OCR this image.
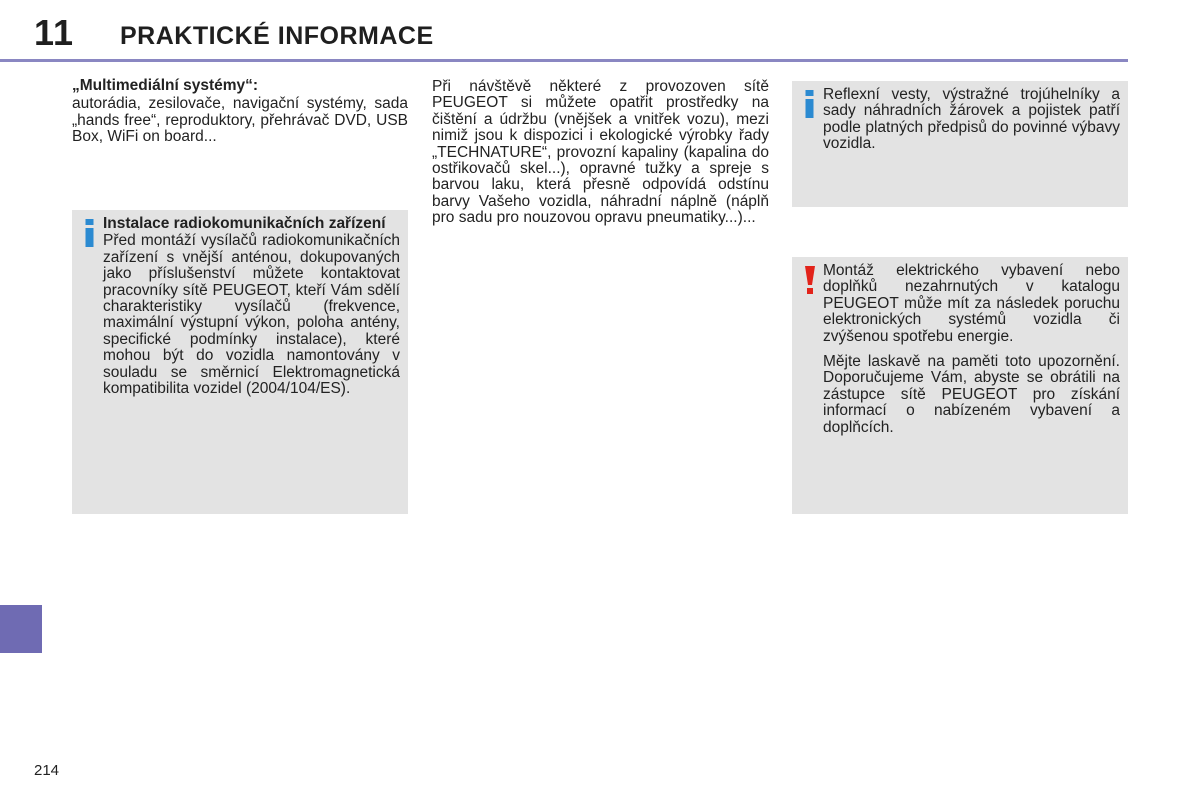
11 PRAKTICKÉ INFORMACE

„Multimediální systémy“:

autorádia, zesilovače, navigační systémy, sada „hands free“, reproduktory, přehrávač DVD, USB Box, WiFi on board...

Při návštěvě některé z provozoven sítě PEUGEOT si můžete opatřit prostředky na čištění a údržbu (vnějšek a vnitřek vozu), mezi nimiž jsou k dispozici i ekologické výrobky řady „TECHNATURE“, provozní kapaliny (kapalina do ostřikovačů skel...), opravné tužky a spreje s barvou laku, která přesně odpovídá odstínu barvy Vašeho vozidla, náhradní náplně (náplň pro sadu pro nouzovou opravu pneumatiky...)...

Instalace radiokomunikačních zařízení

Před montáží vysílačů radiokomunikačních zařízení s vnější anténou, dokupovaných jako příslušenství můžete kontaktovat pracovníky sítě PEUGEOT, kteří Vám sdělí charakteristiky vysílačů (frekvence, maximální výstupní výkon, poloha antény, specifické podmínky instalace), které mohou být do vozidla namontovány v souladu se směrnicí Elektromagnetická kompatibilita vozidel (2004/104/ES).

Reflexní vesty, výstražné trojúhelníky a sady náhradních žárovek a pojistek patří podle platných předpisů do povinné výbavy vozidla.

Montáž elektrického vybavení nebo doplňků nezahrnutých v katalogu PEUGEOT může mít za následek poruchu elektronických systémů vozidla či zvýšenou spotřebu energie.

Mějte laskavě na paměti toto upozornění. Doporučujeme Vám, abyste se obrátili na zástupce sítě PEUGEOT pro získání informací o nabízeném vybavení a doplňcích.

214
